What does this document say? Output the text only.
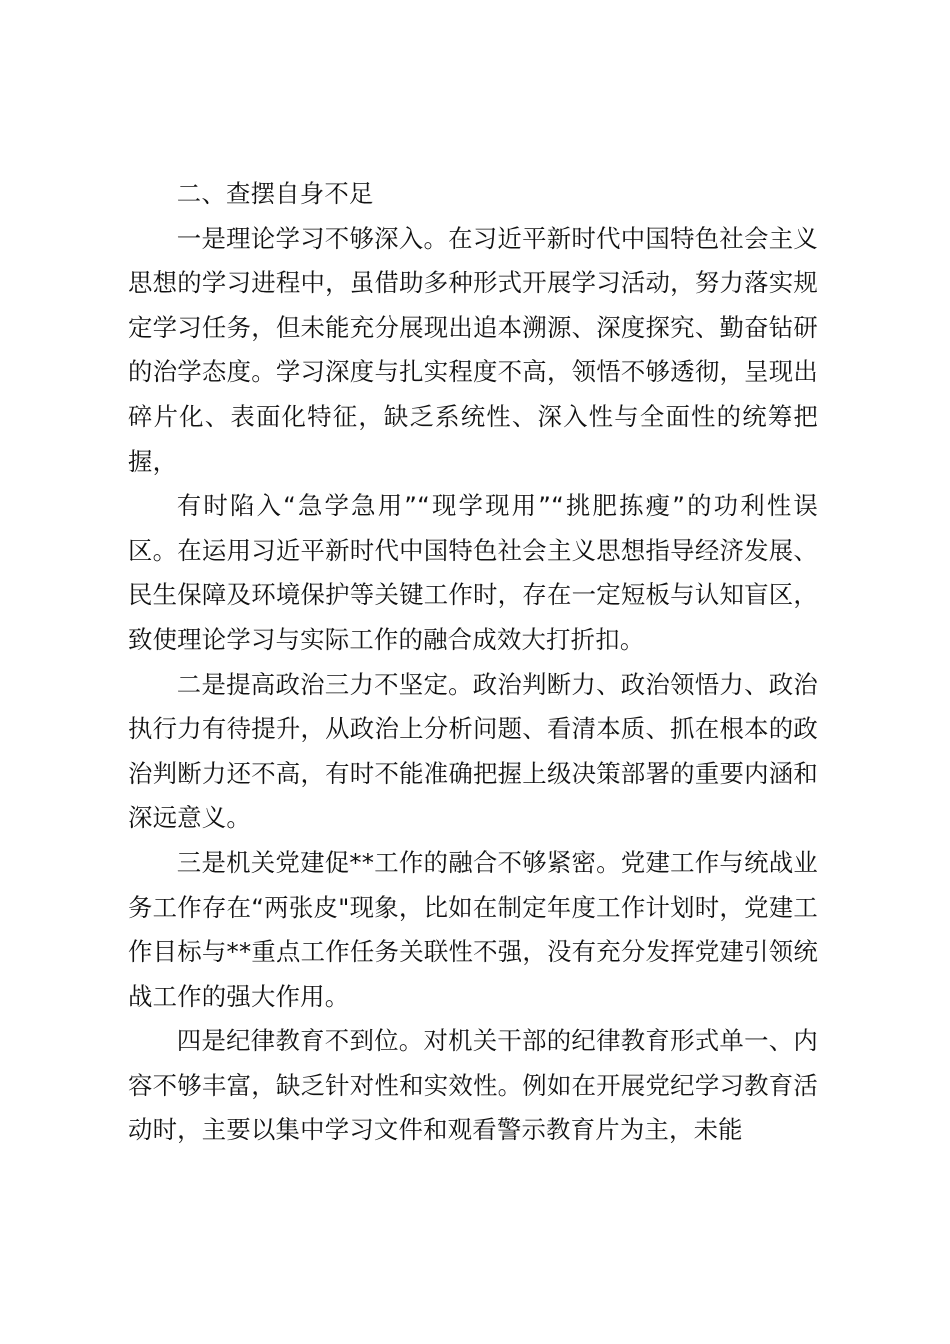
二、查摆自身不足

一是理论学习不够深入。在习近平新时代中国特色社会主义思想的学习进程中，虽借助多种形式开展学习活动，努力落实规定学习任务，但未能充分展现出追本溯源、深度探究、勤奋钻研的治学态度。学习深度与扎实程度不高，领悟不够透彻，呈现出碎片化、表面化特征，缺乏系统性、深入性与全面性的统筹把握，

有时陷入“急学急用”“现学现用”“挑肥拣瘦”的功利性误区。在运用习近平新时代中国特色社会主义思想指导经济发展、民生保障及环境保护等关键工作时，存在一定短板与认知盲区，致使理论学习与实际工作的融合成效大打折扣。

二是提高政治三力不坚定。政治判断力、政治领悟力、政治执行力有待提升，从政治上分析问题、看清本质、抓在根本的政治判断力还不高，有时不能准确把握上级决策部署的重要内涵和深远意义。

三是机关党建促**工作的融合不够紧密。党建工作与统战业务工作存在“两张皮"现象，比如在制定年度工作计划时，党建工作目标与**重点工作任务关联性不强，没有充分发挥党建引领统战工作的强大作用。

四是纪律教育不到位。对机关干部的纪律教育形式单一、内容不够丰富，缺乏针对性和实效性。例如在开展党纪学习教育活动时，主要以集中学习文件和观看警示教育片为主，未能
